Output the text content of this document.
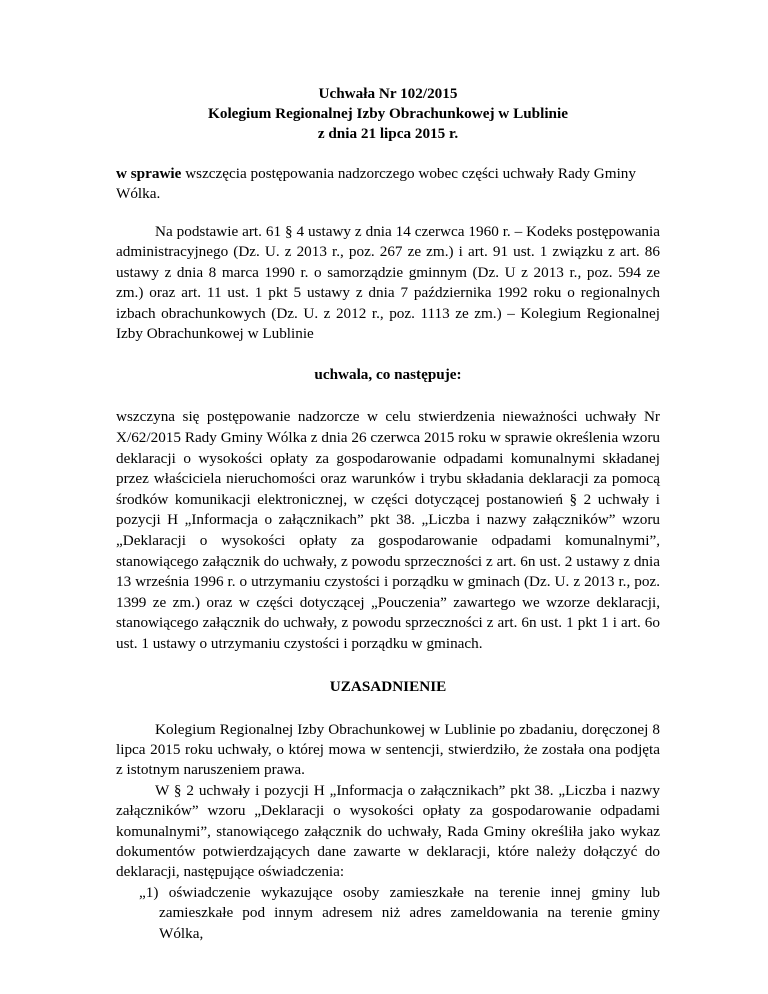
Uchwała Nr 102/2015
Kolegium Regionalnej Izby Obrachunkowej w Lublinie
z dnia 21 lipca 2015 r.
w sprawie wszczęcia postępowania nadzorczego wobec części uchwały Rady Gminy Wólka.
Na podstawie art. 61 § 4 ustawy z dnia 14 czerwca 1960 r. – Kodeks postępowania administracyjnego (Dz. U. z 2013 r., poz. 267 ze zm.) i art. 91 ust. 1 związku z art. 86 ustawy z dnia 8 marca 1990 r. o samorządzie gminnym (Dz. U z 2013 r., poz. 594 ze zm.) oraz art. 11 ust. 1 pkt 5 ustawy z dnia 7 października 1992 roku o regionalnych izbach obrachunkowych (Dz. U. z 2012 r., poz. 1113 ze zm.) – Kolegium Regionalnej Izby Obrachunkowej w Lublinie
uchwala, co następuje:
wszczyna się postępowanie nadzorcze w celu stwierdzenia nieważności uchwały Nr X/62/2015 Rady Gminy Wólka z dnia 26 czerwca 2015 roku w sprawie określenia wzoru deklaracji o wysokości opłaty za gospodarowanie odpadami komunalnymi składanej przez właściciela nieruchomości oraz warunków i trybu składania deklaracji za pomocą środków komunikacji elektronicznej, w części dotyczącej postanowień § 2 uchwały i pozycji H „Informacja o załącznikach” pkt 38. „Liczba i nazwy załączników” wzoru „Deklaracji o wysokości opłaty za gospodarowanie odpadami komunalnymi”, stanowiącego załącznik do uchwały, z powodu sprzeczności z art. 6n ust. 2 ustawy z dnia 13 września 1996 r. o utrzymaniu czystości i porządku w gminach (Dz. U. z 2013 r., poz. 1399 ze zm.) oraz w części dotyczącej „Pouczenia” zawartego we wzorze deklaracji, stanowiącego załącznik do uchwały, z powodu sprzeczności z art. 6n ust. 1 pkt 1 i art. 6o ust. 1 ustawy o utrzymaniu czystości i porządku w gminach.
UZASADNIENIE
Kolegium Regionalnej Izby Obrachunkowej w Lublinie po zbadaniu, doręczonej 8 lipca 2015 roku uchwały, o której mowa w sentencji, stwierdziło, że została ona podjęta z istotnym naruszeniem prawa.
W § 2 uchwały i pozycji H „Informacja o załącznikach” pkt 38. „Liczba i nazwy załączników” wzoru „Deklaracji o wysokości opłaty za gospodarowanie odpadami komunalnymi”, stanowiącego załącznik do uchwały, Rada Gminy określiła jako wykaz dokumentów potwierdzających dane zawarte w deklaracji, które należy dołączyć do deklaracji, następujące oświadczenia:
„1) oświadczenie wykazujące osoby zamieszkałe na terenie innej gminy lub zamieszkałe pod innym adresem niż adres zameldowania na terenie gminy Wólka,
